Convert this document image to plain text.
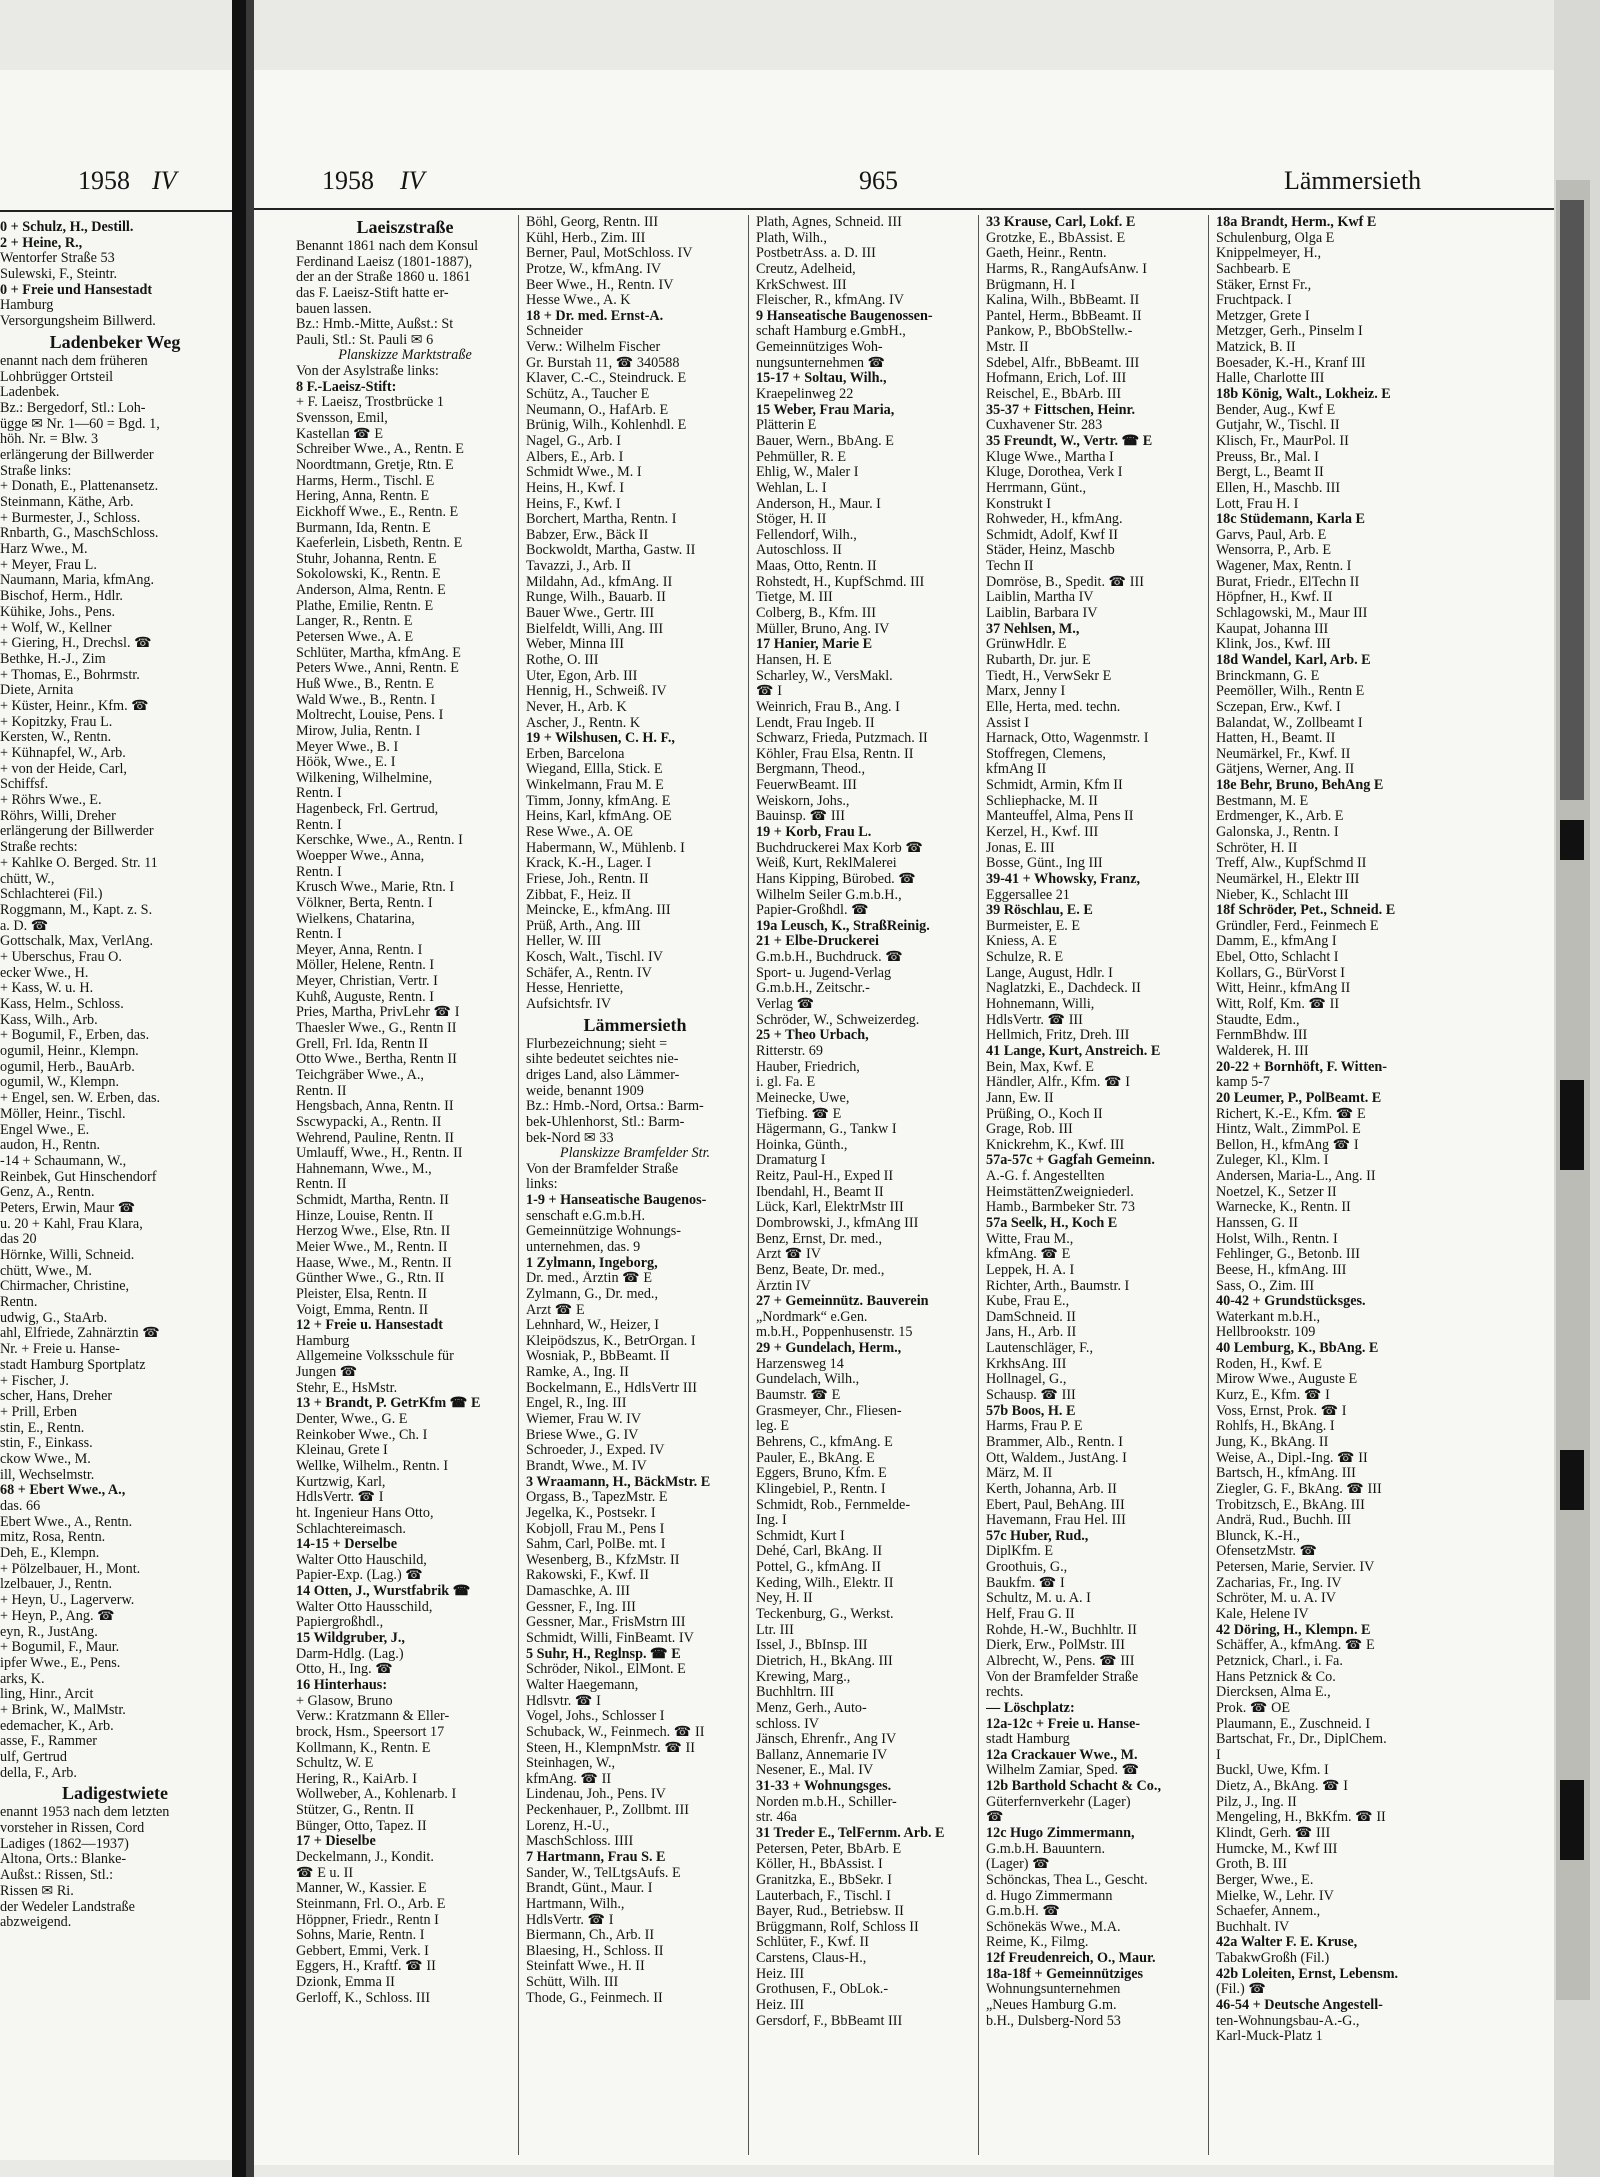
1958 IV
0 + Schulz, H., Destill.
2 + Heine, R.,
Wentorfer Straße 53
Sulewski, F., Steintr.
0 + Freie und Hansestadt
Hamburg
Versorgungsheim Billwerd.
Ladenbeker Weg
enannt nach dem früheren
Lohbrügger Ortsteil
Ladenbek.
Bz.: Bergedorf, Stl.: Loh-
ügge ✉ Nr. 1—60 = Bgd. 1,
höh. Nr. = Blw. 3
erlängerung der Billwerder
Straße links:
+ Donath, E., Plattenansetz.
Steinmann, Käthe, Arb.
+ Burmester, J., Schloss.
Rnbarth, G., MaschSchloss.
Harz Wwe., M.
+ Meyer, Frau L.
Naumann, Maria, kfmAng.
Bischof, Herm., Hdlr.
Kühike, Johs., Pens.
+ Wolf, W., Kellner
+ Giering, H., Drechsl. ☎
Bethke, H.-J., Zim
+ Thomas, E., Bohrmstr.
Diete, Arnita
+ Küster, Heinr., Kfm. ☎
+ Kopitzky, Frau L.
Kersten, W., Rentn.
+ Kühnapfel, W., Arb.
+ von der Heide, Carl,
Schiffsf.
+ Röhrs Wwe., E.
Röhrs, Willi, Dreher
erlängerung der Billwerder
Straße rechts:
+ Kahlke O. Berged. Str. 11
chütt, W.,
Schlachterei (Fil.)
Roggmann, M., Kapt. z. S.
a. D. ☎
Gottschalk, Max, VerlAng.
+ Uberschus, Frau O.
ecker Wwe., H.
+ Kass, W. u. H.
Kass, Helm., Schloss.
Kass, Wilh., Arb.
+ Bogumil, F., Erben, das.
ogumil, Heinr., Klempn.
ogumil, Herb., BauArb.
ogumil, W., Klempn.
+ Engel, sen. W. Erben, das.
Möller, Heinr., Tischl.
Engel Wwe., E.
audon, H., Rentn.
-14 + Schaumann, W.,
Reinbek, Gut Hinschendorf
Genz, A., Rentn.
Peters, Erwin, Maur ☎
u. 20 + Kahl, Frau Klara,
das 20
Hörnke, Willi, Schneid.
chütt, Wwe., M.
Chirmacher, Christine,
Rentn.
udwig, G., StaArb.
ahl, Elfriede, Zahnärztin ☎
Nr. + Freie u. Hanse-
stadt Hamburg Sportplatz
+ Fischer, J.
scher, Hans, Dreher
+ Prill, Erben
stin, E., Rentn.
stin, F., Einkass.
ckow Wwe., M.
ill, Wechselmstr.
68 + Ebert Wwe., A.,
das. 66
Ebert Wwe., A., Rentn.
mitz, Rosa, Rentn.
Deh, E., Klempn.
+ Pölzelbauer, H., Mont.
lzelbauer, J., Rentn.
+ Heyn, U., Lagerverw.
+ Heyn, P., Ang. ☎
eyn, R., JustAng.
+ Bogumil, F., Maur.
ipfer Wwe., E., Pens.
arks, K.
ling, Hinr., Arcit
+ Brink, W., MalMstr.
edemacher, K., Arb.
asse, F., Rammer
ulf, Gertrud
della, F., Arb.
Ladigestwiete
enannt 1953 nach dem letzten
vorsteher in Rissen, Cord
Ladiges (1862—1937)
Altona, Orts.: Blanke-
Außst.: Rissen, Stl.:
Rissen ✉ Ri.
der Wedeler Landstraße
abzweigend.
1958 IV	965	Lämmersieth
Laeiszstraße
Benannt 1861 nach dem Konsul
Ferdinand Laeisz (1801-1887),
der an der Straße 1860 u. 1861
das F. Laeisz-Stift hatte er-
bauen lassen.
Bz.: Hmb.-Mitte, Außst.: St
Pauli, Stl.: St. Pauli ✉ 6
Planskizze Marktstraße
Von der Asylstraße links:
8 F.-Laeisz-Stift:
+ F. Laeisz, Trostbrücke 1
Svensson, Emil,
Kastellan ☎ E
Schreiber Wwe., A., Rentn. E
Noordtmann, Gretje, Rtn. E
Harms, Herm., Tischl. E
Hering, Anna, Rentn. E
Eickhoff Wwe., E., Rentn. E
Burmann, Ida, Rentn. E
Kaeferlein, Lisbeth, Rentn. E
Stuhr, Johanna, Rentn. E
Sokolowski, K., Rentn. E
Anderson, Alma, Rentn. E
Plathe, Emilie, Rentn. E
Langer, R., Rentn. E
Petersen Wwe., A. E
Schlüter, Martha, kfmAng. E
Peters Wwe., Anni, Rentn. E
Huß Wwe., B., Rentn. E
Wald Wwe., B., Rentn. I
Moltrecht, Louise, Pens. I
Mirow, Julia, Rentn. I
Meyer Wwe., B. I
Höök, Wwe., E. I
Wilkening, Wilhelmine,
Rentn. I
Hagenbeck, Frl. Gertrud,
Rentn. I
Kerschke, Wwe., A., Rentn. I
Woepper Wwe., Anna,
Rentn. I
Krusch Wwe., Marie, Rtn. I
Völkner, Berta, Rentn. I
Wielkens, Chatarina,
Rentn. I
Meyer, Anna, Rentn. I
Möller, Helene, Rentn. I
Meyer, Christian, Vertr. I
Kuhß, Auguste, Rentn. I
Pries, Martha, PrivLehr ☎ I
Thaesler Wwe., G., Rentn II
Grell, Frl. Ida, Rentn II
Otto Wwe., Bertha, Rentn II
Teichgräber Wwe., A.,
Rentn. II
Hengsbach, Anna, Rentn. II
Sscwypacki, A., Rentn. II
Wehrend, Pauline, Rentn. II
Umlauff, Wwe., H., Rentn. II
Hahnemann, Wwe., M.,
Rentn. II
Schmidt, Martha, Rentn. II
Hinze, Louise, Rentn. II
Herzog Wwe., Else, Rtn. II
Meier Wwe., M., Rentn. II
Haase, Wwe., M., Rentn. II
Günther Wwe., G., Rtn. II
Pleister, Elsa, Rentn. II
Voigt, Emma, Rentn. II
12 + Freie u. Hansestadt
Hamburg
Allgemeine Volksschule für
Jungen ☎
Stehr, E., HsMstr.
13 + Brandt, P. GetrKfm ☎ E
Denter, Wwe., G. E
Reinkober Wwe., Ch. I
Kleinau, Grete I
Wellke, Wilhelm., Rentn. I
Kurtzwig, Karl,
HdlsVertr. ☎ I
ht. Ingenieur Hans Otto,
Schlachtereimasch.
14-15 + Derselbe
Walter Otto Hauschild,
Papier-Exp. (Lag.) ☎
14 Otten, J., Wurstfabrik ☎
Walter Otto Hausschild,
Papiergroßhdl.,
15 Wildgruber, J.,
Darm-Hdlg. (Lag.)
Otto, H., Ing. ☎
16 Hinterhaus:
+ Glasow, Bruno
Verw.: Kratzmann & Eller-
brock, Hsm., Speersort 17
Kollmann, K., Rentn. E
Schultz, W. E
Hering, R., KaiArb. I
Wollweber, A., Kohlenarb. I
Stützer, G., Rentn. II
Bünger, Otto, Tapez. II
17 + Dieselbe
Deckelmann, J., Kondit.
☎ E u. II
Manner, W., Kassier. E
Steinmann, Frl. O., Arb. E
Höppner, Friedr., Rentn I
Sohns, Marie, Rentn. I
Gebbert, Emmi, Verk. I
Eggers, H., Kraftf. ☎ II
Dzionk, Emma II
Gerloff, K., Schloss. III
Böhl, Georg, Rentn. III
Kühl, Herb., Zim. III
Berner, Paul, MotSchloss. IV
Protze, W., kfmAng. IV
Beer Wwe., H., Rentn. IV
Hesse Wwe., A. K
18 + Dr. med. Ernst-A.
Schneider
Verw.: Wilhelm Fischer
Gr. Burstah 11, ☎ 340588
Klaver, C.-C., Steindruck. E
Schütz, A., Taucher E
Neumann, O., HafArb. E
Brünig, Wilh., Kohlenhdl. E
Nagel, G., Arb. I
Albers, E., Arb. I
Schmidt Wwe., M. I
Heins, H., Kwf. I
Heins, F., Kwf. I
Borchert, Martha, Rentn. I
Babzer, Erw., Bäck II
Bockwoldt, Martha, Gastw. II
Tavazzi, J., Arb. II
Mildahn, Ad., kfmAng. II
Runge, Wilh., Bauarb. II
Bauer Wwe., Gertr. III
Bielfeldt, Willi, Ang. III
Weber, Minna III
Rothe, O. III
Uter, Egon, Arb. III
Hennig, H., Schweiß. IV
Never, H., Arb. K
Ascher, J., Rentn. K
19 + Wilshusen, C. H. F.,
Erben, Barcelona
Wiegand, Ellla, Stick. E
Winkelmann, Frau M. E
Timm, Jonny, kfmAng. E
Heins, Karl, kfmAng. OE
Rese Wwe., A. OE
Habermann, W., Mühlenb. I
Krack, K.-H., Lager. I
Friese, Joh., Rentn. II
Zibbat, F., Heiz. II
Meincke, E., kfmAng. III
Prüß, Arth., Ang. III
Heller, W. III
Kosch, Walt., Tischl. IV
Schäfer, A., Rentn. IV
Hesse, Henriette,
Aufsichtsfr. IV
Lämmersieth
Flurbezeichnung; sieht =
sihte bedeutet seichtes nie-
driges Land, also Lämmer-
weide, benannt 1909
Bz.: Hmb.-Nord, Ortsa.: Barm-
bek-Uhlenhorst, Stl.: Barm-
bek-Nord ✉ 33
Planskizze Bramfelder Str.
Von der Bramfelder Straße
links:
1-9 + Hanseatische Baugenos-
senschaft e.G.m.b.H.
Gemeinnützige Wohnungs-
unternehmen, das. 9
1 Zylmann, Ingeborg,
Dr. med., Ärztin ☎ E
Zylmann, G., Dr. med.,
Arzt ☎ E
Lehnhard, W., Heizer, I
Kleipödszus, K., BetrOrgan. I
Wosniak, P., BbBeamt. II
Ramke, A., Ing. II
Bockelmann, E., HdlsVertr III
Engel, R., Ing. III
Wiemer, Frau W. IV
Briese Wwe., G. IV
Schroeder, J., Exped. IV
Brandt, Wwe., M. IV
3 Wraamann, H., BäckMstr. E
Orgass, B., TapezMstr. E
Jegelka, K., Postsekr. I
Kobjoll, Frau M., Pens I
Sahm, Carl, PolBe. mt. I
Wesenberg, B., KfzMstr. II
Rakowski, F., Kwf. II
Damaschke, A. III
Gessner, F., Ing. III
Gessner, Mar., FrisMstrn III
Schmidt, Willi, FinBeamt. IV
5 Suhr, H., Reglnsp. ☎ E
Schröder, Nikol., ElMont. E
Walter Haegemann,
Hdlsvtr. ☎ I
Vogel, Johs., Schlosser I
Schuback, W., Feinmech. ☎ II
Steen, H., KlempnMstr. ☎ II
Steinhagen, W.,
kfmAng. ☎ II
Lindenau, Joh., Pens. IV
Peckenhauer, P., Zollbmt. III
Lorenz, H.-U.,
MaschSchloss. IIII
7 Hartmann, Frau S. E
Sander, W., TelLtgsAufs. E
Brandt, Günt., Maur. I
Hartmann, Wilh.,
HdlsVertr. ☎ I
Biermann, Ch., Arb. II
Blaesing, H., Schloss. II
Steinfatt Wwe., H. II
Schütt, Wilh. III
Thode, G., Feinmech. II
Plath, Agnes, Schneid. III
Plath, Wilh.,
PostbetrAss. a. D. III
Creutz, Adelheid,
KrkSchwest. III
Fleischer, R., kfmAng. IV
9 Hanseatische Baugenossen-
schaft Hamburg e.GmbH.,
Gemeinnütziges Woh-
nungsunternehmen ☎
15-17 + Soltau, Wilh.,
Kraepelinweg 22
15 Weber, Frau Maria,
Plätterin E
Bauer, Wern., BbAng. E
Pehmüller, R. E
Ehlig, W., Maler I
Wehlan, L. I
Anderson, H., Maur. I
Stöger, H. II
Fellendorf, Wilh.,
Autoschloss. II
Maas, Otto, Rentn. II
Rohstedt, H., KupfSchmd. III
Tietge, M. III
Colberg, B., Kfm. III
Müller, Bruno, Ang. IV
17 Hanier, Marie E
Hansen, H. E
Scharley, W., VersMakl.
☎ I
Weinrich, Frau B., Ang. I
Lendt, Frau Ingeb. II
Schwarz, Frieda, Putzmach. II
Köhler, Frau Elsa, Rentn. II
Bergmann, Theod.,
FeuerwBeamt. III
Weiskorn, Johs.,
Bauinsp. ☎ III
19 + Korb, Frau L.
Buchdruckerei Max Korb ☎
Weiß, Kurt, ReklMalerei
Hans Kipping, Bürobed. ☎
Wilhelm Seiler G.m.b.H.,
Papier-Großhdl. ☎
19a Leusch, K., StraßReinig.
21 + Elbe-Druckerei
G.m.b.H., Buchdruck. ☎
Sport- u. Jugend-Verlag
G.m.b.H., Zeitschr.-
Verlag ☎
Schröder, W., Schweizerdeg.
25 + Theo Urbach,
Ritterstr. 69
Hauber, Friedrich,
i. gl. Fa. E
Meinecke, Uwe,
Tiefbing. ☎ E
Hägermann, G., Tankw I
Hoinka, Günth.,
Dramaturg I
Reitz, Paul-H., Exped II
Ibendahl, H., Beamt II
Lück, Karl, ElektrMstr III
Dombrowski, J., kfmAng III
Benz, Ernst, Dr. med.,
Arzt ☎ IV
Benz, Beate, Dr. med.,
Ärztin IV
27 + Gemeinnütz. Bauverein
„Nordmark“ e.Gen.
m.b.H., Poppenhusenstr. 15
29 + Gundelach, Herm.,
Harzensweg 14
Gundelach, Wilh.,
Baumstr. ☎ E
Grasmeyer, Chr., Fliesen-
leg. E
Behrens, C., kfmAng. E
Pauler, E., BkAng. E
Eggers, Bruno, Kfm. E
Klingebiel, P., Rentn. I
Schmidt, Rob., Fernmelde-
Ing. I
Schmidt, Kurt I
Dehé, Carl, BkAng. II
Pottel, G., kfmAng. II
Keding, Wilh., Elektr. II
Ney, H. II
Teckenburg, G., Werkst.
Ltr. III
Issel, J., BbInsp. III
Dietrich, H., BkAng. III
Krewing, Marg.,
Buchhltrn. III
Menz, Gerh., Auto-
schloss. IV
Jänsch, Ehrenfr., Ang IV
Ballanz, Annemarie IV
Nesener, E., Mal. IV
31-33 + Wohnungsges.
Norden m.b.H., Schiller-
str. 46a
31 Treder E., TelFernm. Arb. E
Petersen, Peter, BbArb. E
Köller, H., BbAssist. I
Granitzka, E., BbSekr. I
Lauterbach, F., Tischl. I
Bayer, Rud., Betriebsw. II
Brüggmann, Rolf, Schloss II
Schlüter, F., Kwf. II
Carstens, Claus-H.,
Heiz. III
Grothusen, F., ObLok.-
Heiz. III
Gersdorf, F., BbBeamt III
33 Krause, Carl, Lokf. E
Grotzke, E., BbAssist. E
Gaeth, Heinr., Rentn.
Harms, R., RangAufsAnw. I
Brügmann, H. I
Kalina, Wilh., BbBeamt. II
Pantel, Herm., BbBeamt. II
Pankow, P., BbObStellw.-
Mstr. II
Sdebel, Alfr., BbBeamt. III
Hofmann, Erich, Lof. III
Reischel, E., BbArb. III
35-37 + Fittschen, Heinr.
Cuxhavener Str. 283
35 Freundt, W., Vertr. ☎ E
Kluge Wwe., Martha I
Kluge, Dorothea, Verk I
Herrmann, Günt.,
Konstrukt I
Rohweder, H., kfmAng.
Schmidt, Adolf, Kwf II
Städer, Heinz, Maschb
Techn II
Domröse, B., Spedit. ☎ III
Laiblin, Martha IV
Laiblin, Barbara IV
37 Nehlsen, M.,
GrünwHdlr. E
Rubarth, Dr. jur. E
Tiedt, H., VerwSekr E
Marx, Jenny I
Elle, Herta, med. techn.
Assist I
Harnack, Otto, Wagenmstr. I
Stoffregen, Clemens,
kfmAng II
Schmidt, Armin, Kfm II
Schliephacke, M. II
Manteuffel, Alma, Pens II
Kerzel, H., Kwf. III
Jonas, E. III
Bosse, Günt., Ing III
39-41 + Whowsky, Franz,
Eggersallee 21
39 Röschlau, E. E
Burmeister, E. E
Kniess, A. E
Schulze, R. E
Lange, August, Hdlr. I
Naglatzki, E., Dachdeck. II
Hohnemann, Willi,
HdlsVertr. ☎ III
Hellmich, Fritz, Dreh. III
41 Lange, Kurt, Anstreich. E
Bein, Max, Kwf. E
Händler, Alfr., Kfm. ☎ I
Jann, Ew. II
Prüßing, O., Koch II
Grage, Rob. III
Knickrehm, K., Kwf. III
57a-57c + Gagfah Gemeinn.
A.-G. f. Angestellten
HeimstättenZweigniederl.
Hamb., Barmbeker Str. 73
57a Seelk, H., Koch E
Witte, Frau M.,
kfmAng. ☎ E
Leppek, H. A. I
Richter, Arth., Baumstr. I
Kube, Frau E.,
DamSchneid. II
Jans, H., Arb. II
Lautenschläger, F.,
KrkhsAng. III
Hollnagel, G.,
Schausp. ☎ III
57b Boos, H. E
Harms, Frau P. E
Brammer, Alb., Rentn. I
Ott, Waldem., JustAng. I
März, M. II
Kerth, Johanna, Arb. II
Ebert, Paul, BehAng. III
Havemann, Frau Hel. III
57c Huber, Rud.,
DiplKfm. E
Groothuis, G.,
Baukfm. ☎ I
Schultz, M. u. A. I
Helf, Frau G. II
Rohde, H.-W., Buchhltr. II
Dierk, Erw., PolMstr. III
Albrecht, W., Pens. ☎ III
Von der Bramfelder Straße
rechts.
— Löschplatz:
12a-12c + Freie u. Hanse-
stadt Hamburg
12a Crackauer Wwe., M.
Wilhelm Zamiar, Sped. ☎
12b Barthold Schacht & Co.,
Güterfernverkehr (Lager)
☎
12c Hugo Zimmermann,
G.m.b.H. Bauuntern.
(Lager) ☎
Schönckas, Thea L., Gescht.
d. Hugo Zimmermann
G.m.b.H. ☎
Schönekäs Wwe., M.A.
Reime, K., Filmg.
12f Freudenreich, O., Maur.
18a-18f + Gemeinnütziges
Wohnungsunternehmen
„Neues Hamburg G.m.
b.H., Dulsberg-Nord 53
18a Brandt, Herm., Kwf E
Schulenburg, Olga E
Knippelmeyer, H.,
Sachbearb. E
Stäker, Ernst Fr.,
Fruchtpack. I
Metzger, Grete I
Metzger, Gerh., Pinselm I
Matzick, B. II
Boesader, K.-H., Kranf III
Halle, Charlotte III
18b König, Walt., Lokheiz. E
Bender, Aug., Kwf E
Gutjahr, W., Tischl. II
Klisch, Fr., MaurPol. II
Preuss, Br., Mal. I
Bergt, L., Beamt II
Ellen, H., Maschb. III
Lott, Frau H. I
18c Stüdemann, Karla E
Garvs, Paul, Arb. E
Wensorra, P., Arb. E
Wagener, Max, Rentn. I
Burat, Friedr., ElTechn II
Höpfner, H., Kwf. II
Schlagowski, M., Maur III
Kaupat, Johanna III
Klink, Jos., Kwf. III
18d Wandel, Karl, Arb. E
Brinckmann, G. E
Peemöller, Wilh., Rentn E
Sczepan, Erw., Kwf. I
Balandat, W., Zollbeamt I
Hatten, H., Beamt. II
Neumärkel, Fr., Kwf. II
Gätjens, Werner, Ang. II
18e Behr, Bruno, BehAng E
Bestmann, M. E
Erdmenger, K., Arb. E
Galonska, J., Rentn. I
Schröter, H. II
Treff, Alw., KupfSchmd II
Neumärkel, H., Elektr III
Nieber, K., Schlacht III
18f Schröder, Pet., Schneid. E
Gründler, Ferd., Feinmech E
Damm, E., kfmAng I
Ebel, Otto, Schlacht I
Kollars, G., BürVorst I
Witt, Heinr., kfmAng II
Witt, Rolf, Km. ☎ II
Staudte, Edm.,
FernmBhdw. III
Walderek, H. III
20-22 + Bornhöft, F. Witten-
kamp 5-7
20 Leumer, P., PolBeamt. E
Richert, K.-E., Kfm. ☎ E
Hintz, Walt., ZimmPol. E
Bellon, H., kfmAng ☎ I
Zuleger, Kl., Klm. I
Andersen, Maria-L., Ang. II
Noetzel, K., Setzer II
Warnecke, K., Rentn. II
Hanssen, G. II
Holst, Wilh., Rentn. I
Fehlinger, G., Betonb. III
Beese, H., kfmAng. III
Sass, O., Zim. III
40-42 + Grundstücksges.
Waterkant m.b.H.,
Hellbrookstr. 109
40 Lemburg, K., BbAng. E
Roden, H., Kwf. E
Mirow Wwe., Auguste E
Kurz, E., Kfm. ☎ I
Voss, Ernst, Prok. ☎ I
Rohlfs, H., BkAng. I
Jung, K., BkAng. II
Weise, A., Dipl.-Ing. ☎ II
Bartsch, H., kfmAng. III
Ziegler, G. F., BkAng. ☎ III
Trobitzsch, E., BkAng. III
Andrä, Rud., Buchh. III
Blunck, K.-H.,
OfensetzMstr. ☎
Petersen, Marie, Servier. IV
Zacharias, Fr., Ing. IV
Schröter, M. u. A. IV
Kale, Helene IV
42 Döring, H., Klempn. E
Schäffer, A., kfmAng. ☎ E
Petznick, Charl., i. Fa.
Hans Petznick & Co.
Diercksen, Alma E.,
Prok. ☎ OE
Plaumann, E., Zuschneid. I
Bartschat, Fr., Dr., DiplChem.
I
Buckl, Uwe, Kfm. I
Dietz, A., BkAng. ☎ I
Pilz, J., Ing. II
Mengeling, H., BkKfm. ☎ II
Klindt, Gerh. ☎ III
Humcke, M., Kwf III
Groth, B. III
Berger, Wwe., E.
Mielke, W., Lehr. IV
Schaefer, Annem.,
Buchhalt. IV
42a Walter F. E. Kruse,
TabakwGroßh (Fil.)
42b Loleiten, Ernst, Lebensm.
(Fil.) ☎
46-54 + Deutsche Angestell-
ten-Wohnungsbau-A.-G.,
Karl-Muck-Platz 1
